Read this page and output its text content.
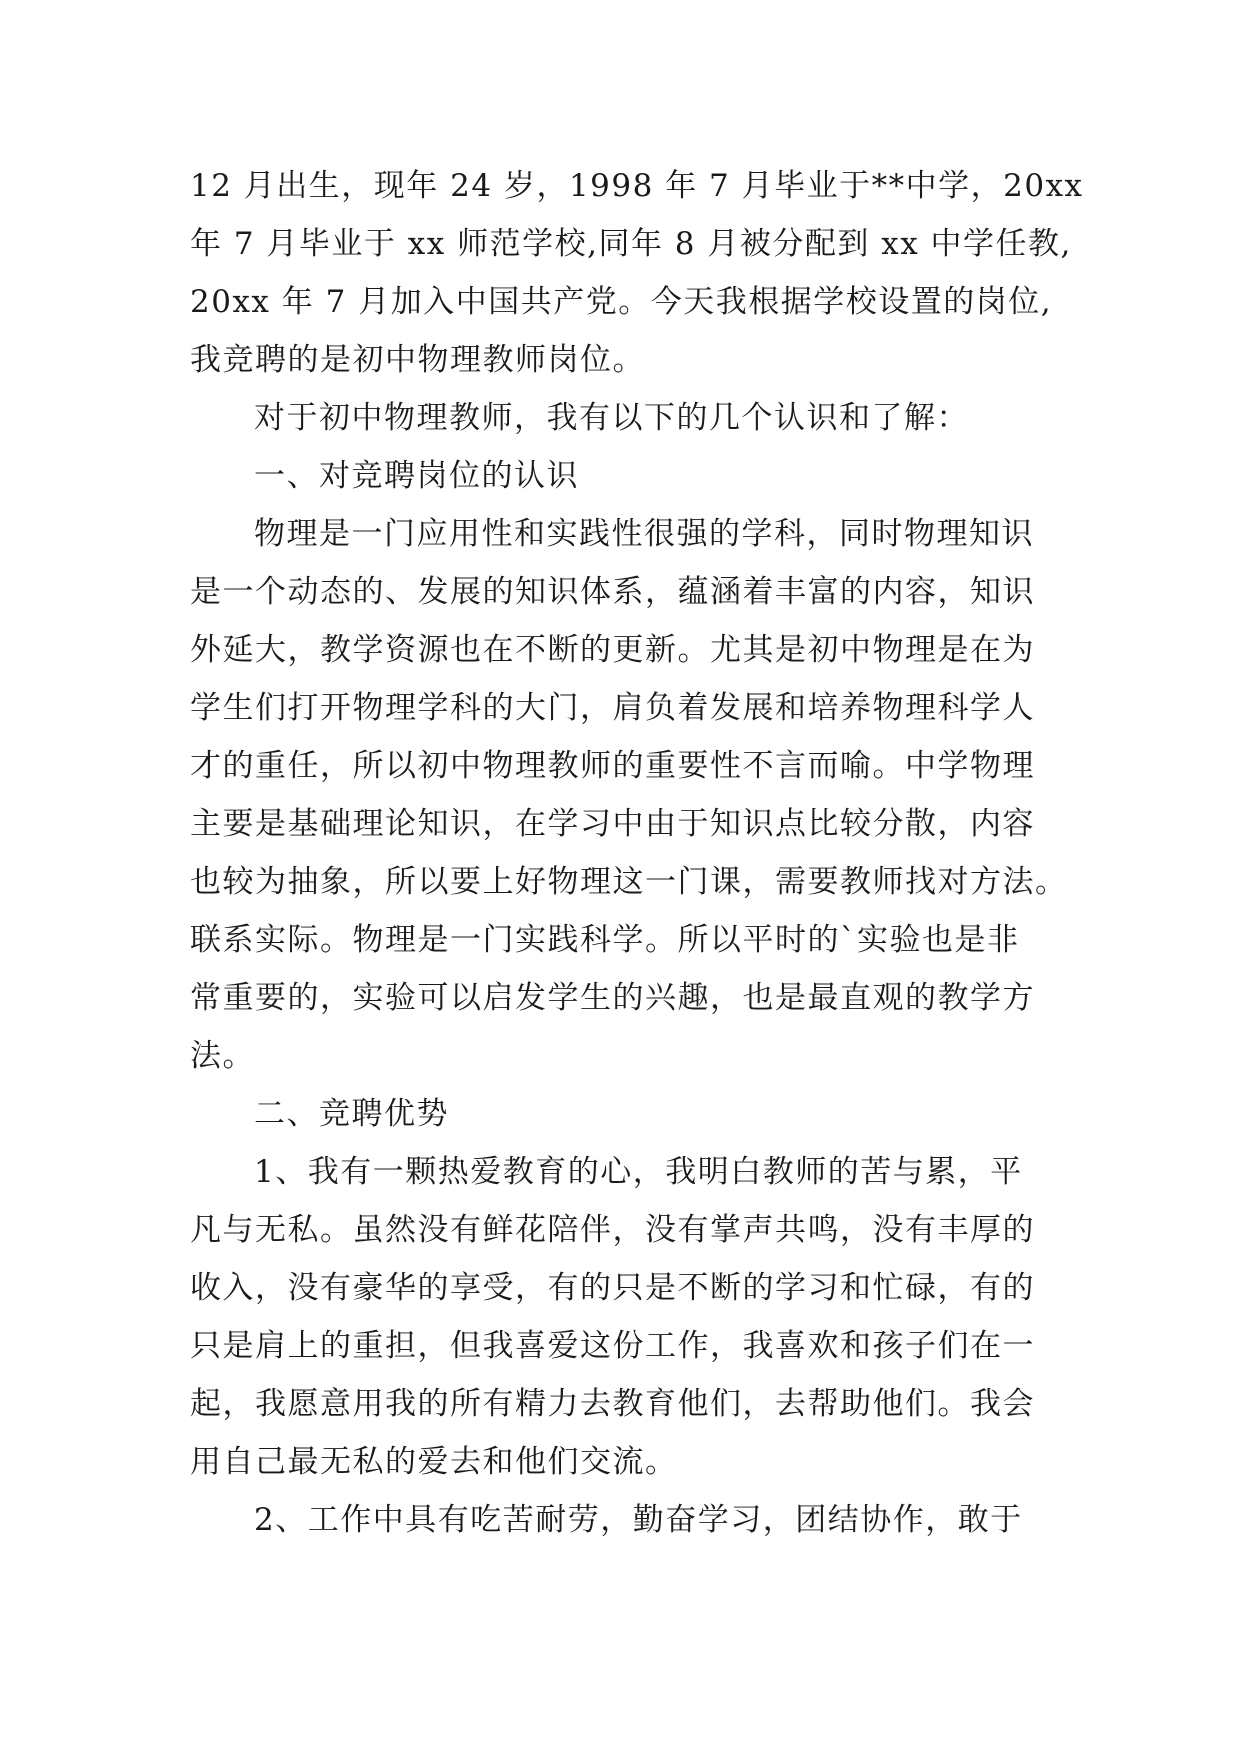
12 月出生，现年 24 岁，1998 年 7 月毕业于**中学，20xx
年 7 月毕业于 xx 师范学校,同年 8 月被分配到 xx 中学任教,
20xx 年 7 月加入中国共产党。今天我根据学校设置的岗位,
我竞聘的是初中物理教师岗位。
对于初中物理教师，我有以下的几个认识和了解：
一、对竞聘岗位的认识
物理是一门应用性和实践性很强的学科，同时物理知识
是一个动态的、发展的知识体系，蕴涵着丰富的内容，知识
外延大，教学资源也在不断的更新。尤其是初中物理是在为
学生们打开物理学科的大门，肩负着发展和培养物理科学人
才的重任，所以初中物理教师的重要性不言而喻。中学物理
主要是基础理论知识，在学习中由于知识点比较分散，内容
也较为抽象，所以要上好物理这一门课，需要教师找对方法。
联系实际。物理是一门实践科学。所以平时的`实验也是非
常重要的，实验可以启发学生的兴趣，也是最直观的教学方
法。
二、竞聘优势
1、我有一颗热爱教育的心，我明白教师的苦与累，平
凡与无私。虽然没有鲜花陪伴，没有掌声共鸣，没有丰厚的
收入，没有豪华的享受，有的只是不断的学习和忙碌，有的
只是肩上的重担，但我喜爱这份工作，我喜欢和孩子们在一
起，我愿意用我的所有精力去教育他们，去帮助他们。我会
用自己最无私的爱去和他们交流。
2、工作中具有吃苦耐劳，勤奋学习，团结协作，敢于
